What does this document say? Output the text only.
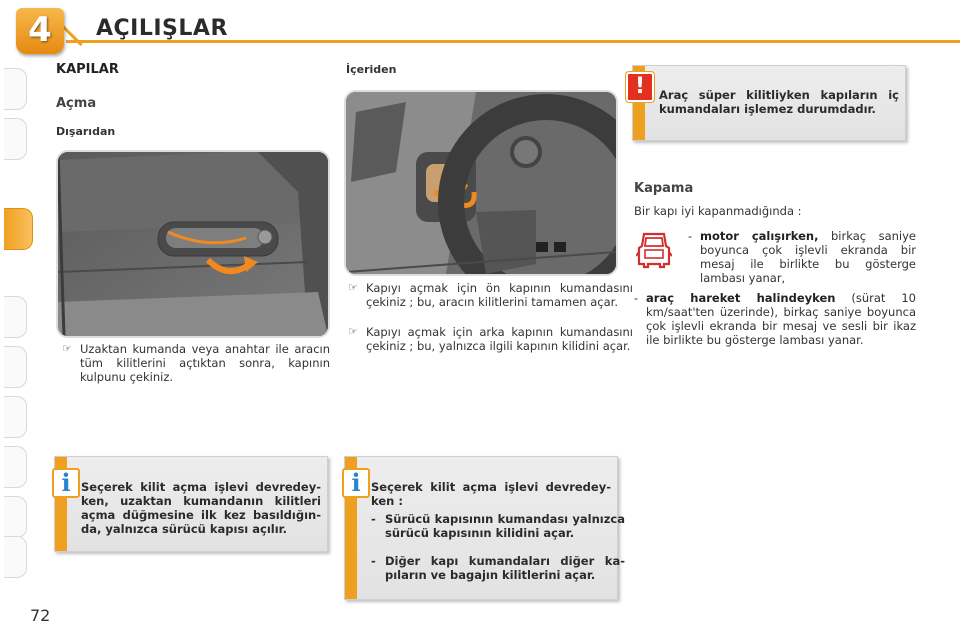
4	AÇILIŞLAR
72
KAPILAR
Açma
Dışarıdan
☞ Uzaktan kumanda veya anahtar ile aracın tüm kilitlerini açtıktan sonra, kapının kulpunu çekiniz.
Seçerek kilit açma işlevi devredeyken, uzaktan kumandanın kilitleri açma düğmesine ilk kez basıldığında, yalnızca sürücü kapısı açılır.
i
İçeriden
☞ Kapıyı açmak için ön kapının kumandasını çekiniz ; bu, aracın kilitlerini tamamen açar.
☞ Kapıyı açmak için arka kapının kumandasını çekiniz ; bu, yalnızca ilgili kapının kilidini açar.
Seçerek kilit açma işlevi devredeyken :
- Sürücü kapısının kumandası yalnızca sürücü kapısının kilidini açar.
- Diğer kapı kumandaları diğer kapıların ve bagajın kilitlerini açar.
i
Araç süper kilitliyken kapıların iç kumandaları işlemez durumdadır.
!
Kapama
Bir kapı iyi kapanmadığında :
- motor çalışırken, birkaç saniye boyunca çok işlevli ekranda bir mesaj ile birlikte bu gösterge lambası yanar,
- araç hareket halindeyken (sürat 10 km/saat'ten üzerinde), birkaç saniye boyunca çok işlevli ekranda bir mesaj ve sesli bir ikaz ile birlikte bu gösterge lambası yanar.
